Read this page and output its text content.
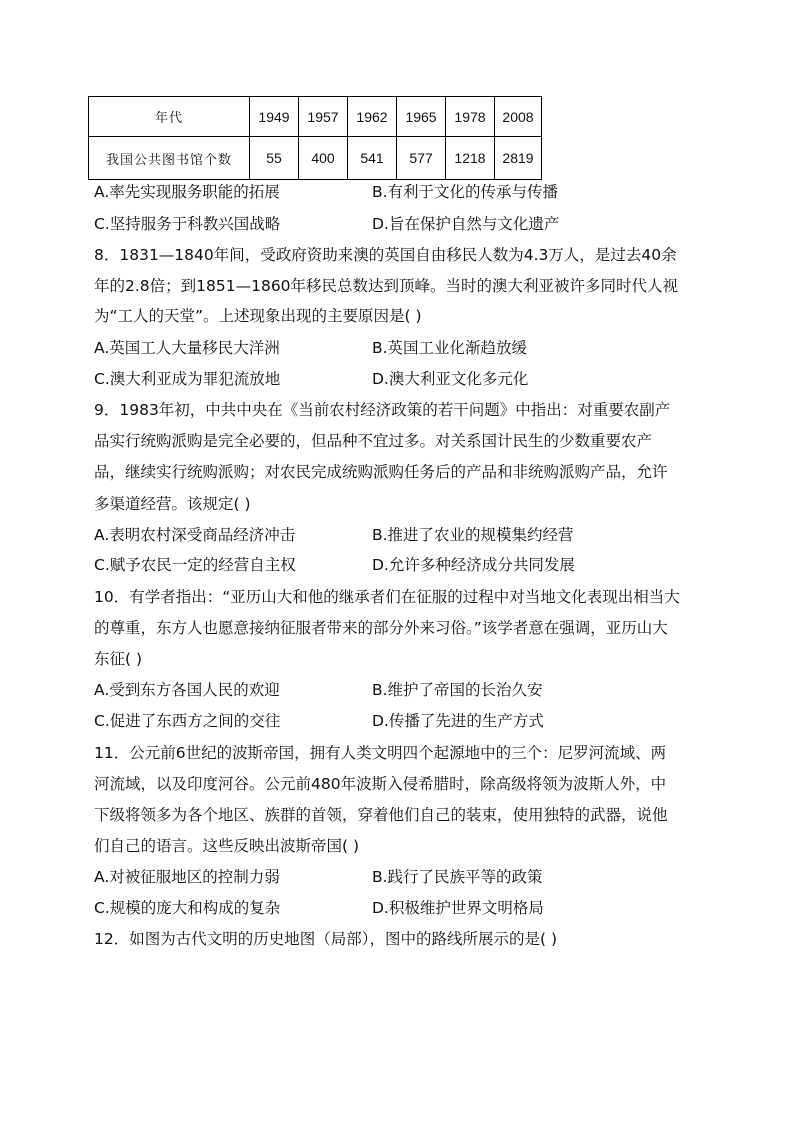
年代	1949	1957	1962	1965	1978	2008
我国公共图书馆个数	55	400	541	577	1218	2819
A.率先实现服务职能的拓展	B.有利于文化的传承与传播
C.坚持服务于科教兴国战略	D.旨在保护自然与文化遗产
8．1831—1840年间，受政府资助来澳的英国自由移民人数为4.3万人，是过去40余
年的2.8倍；到1851—1860年移民总数达到顶峰。当时的澳大利亚被许多同时代人视
为“工人的天堂”。上述现象出现的主要原因是( )
A.英国工人大量移民大洋洲	B.英国工业化渐趋放缓
C.澳大利亚成为罪犯流放地	D.澳大利亚文化多元化
9．1983年初，中共中央在《当前农村经济政策的若干问题》中指出：对重要农副产
品实行统购派购是完全必要的，但品种不宜过多。对关系国计民生的少数重要农产
品，继续实行统购派购；对农民完成统购派购任务后的产品和非统购派购产品，允许
多渠道经营。该规定( )
A.表明农村深受商品经济冲击	B.推进了农业的规模集约经营
C.赋予农民一定的经营自主权	D.允许多种经济成分共同发展
10．有学者指出：“亚历山大和他的继承者们在征服的过程中对当地文化表现出相当大
的尊重，东方人也愿意接纳征服者带来的部分外来习俗。”该学者意在强调，亚历山大
东征( )
A.受到东方各国人民的欢迎	B.维护了帝国的长治久安
C.促进了东西方之间的交往	D.传播了先进的生产方式
11．公元前6世纪的波斯帝国，拥有人类文明四个起源地中的三个：尼罗河流域、两
河流域，以及印度河谷。公元前480年波斯入侵希腊时，除高级将领为波斯人外，中
下级将领多为各个地区、族群的首领，穿着他们自己的装束，使用独特的武器，说他
们自己的语言。这些反映出波斯帝国( )
A.对被征服地区的控制力弱	B.践行了民族平等的政策
C.规模的庞大和构成的复杂	D.积极维护世界文明格局
12．如图为古代文明的历史地图（局部），图中的路线所展示的是( )
